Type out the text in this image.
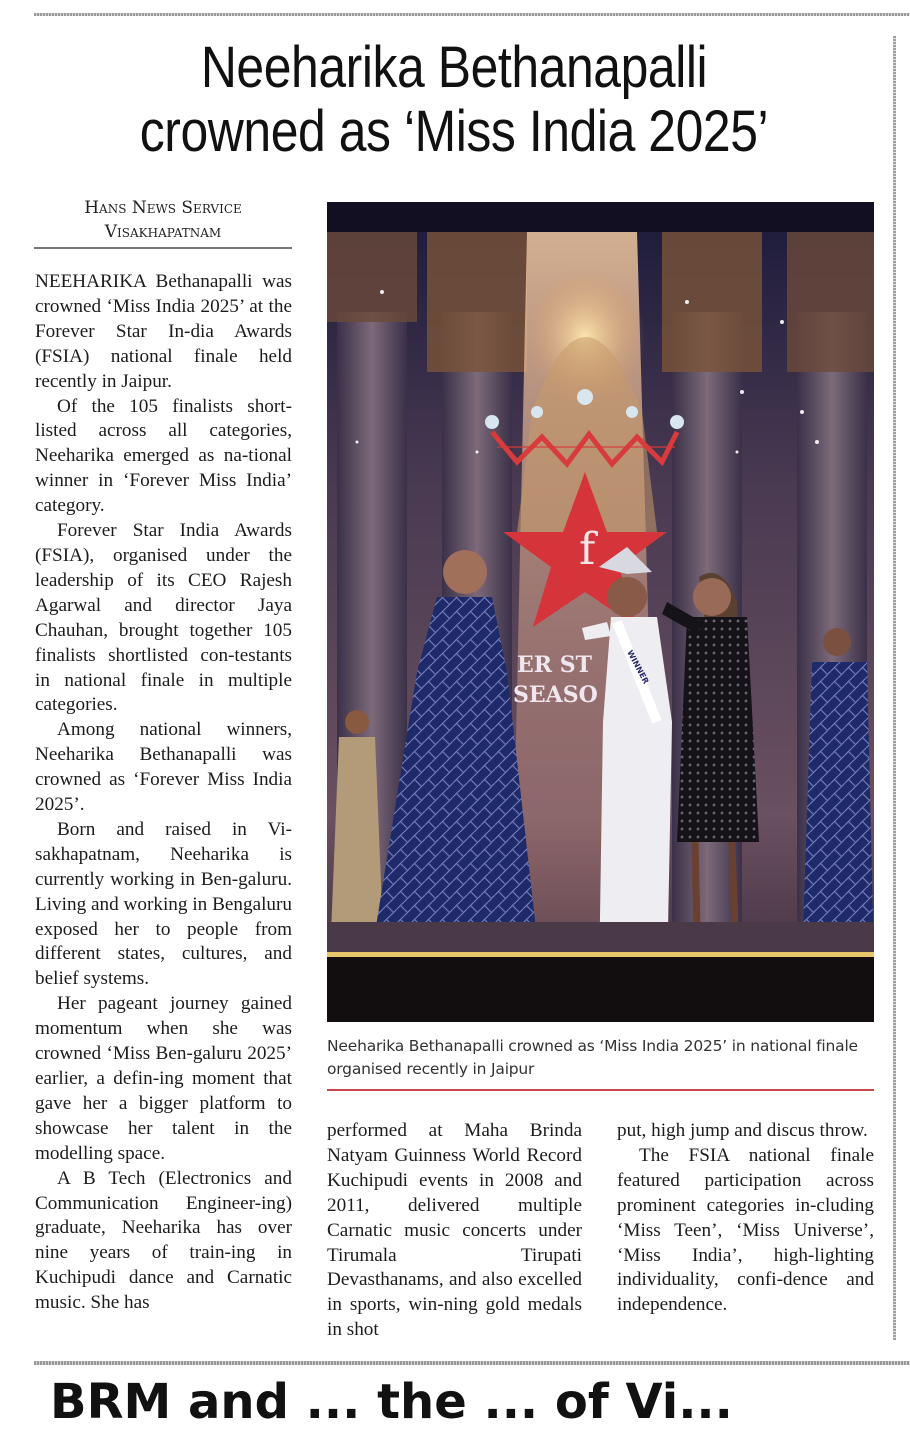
Neeharika Bethanapalli
crowned as ‘Miss India 2025’
Hans News Service
Visakhapatnam

NEEHARIKA Bethanapalli was crowned ‘Miss India 2025’ at the Forever Star In-dia Awards (FSIA) national finale held recently in Jaipur.

Of the 105 finalists short-listed across all categories, Neeharika emerged as na-tional winner in ‘Forever Miss India’ category.

Forever Star India Awards (FSIA), organised under the leadership of its CEO Rajesh Agarwal and director Jaya Chauhan, brought together 105 finalists shortlisted con-testants in national finale in multiple categories.

Among national winners, Neeharika Bethanapalli was crowned as ‘Forever Miss India 2025’.

Born and raised in Vi-sakhapatnam, Neeharika is currently working in Ben-galuru. Living and working in Bengaluru exposed her to people from different states, cultures, and belief systems.

Her pageant journey gained momentum when she was crowned ‘Miss Ben-galuru 2025’ earlier, a defin-ing moment that gave her a bigger platform to showcase her talent in the modelling space.

A B Tech (Electronics and Communication Engineer-ing) graduate, Neeharika has over nine years of train-ing in Kuchipudi dance and Carnatic music. She has

f
WINNER
ER ST
SEASO
Neeharika Bethanapalli crowned as ‘Miss India 2025’ in national finale organised recently in Jaipur

performed at Maha Brinda Natyam Guinness World Record Kuchipudi events in 2008 and 2011, delivered multiple Carnatic music concerts under Tirumala Tirupati Devasthanams, and also excelled in sports, win-ning gold medals in shot

put, high jump and discus throw.

The FSIA national finale featured participation across prominent categories in-cluding ‘Miss Teen’, ‘Miss Universe’, ‘Miss India’, high-lighting individuality, confi-dence and independence.

BRM and ... the ... of Vi...
